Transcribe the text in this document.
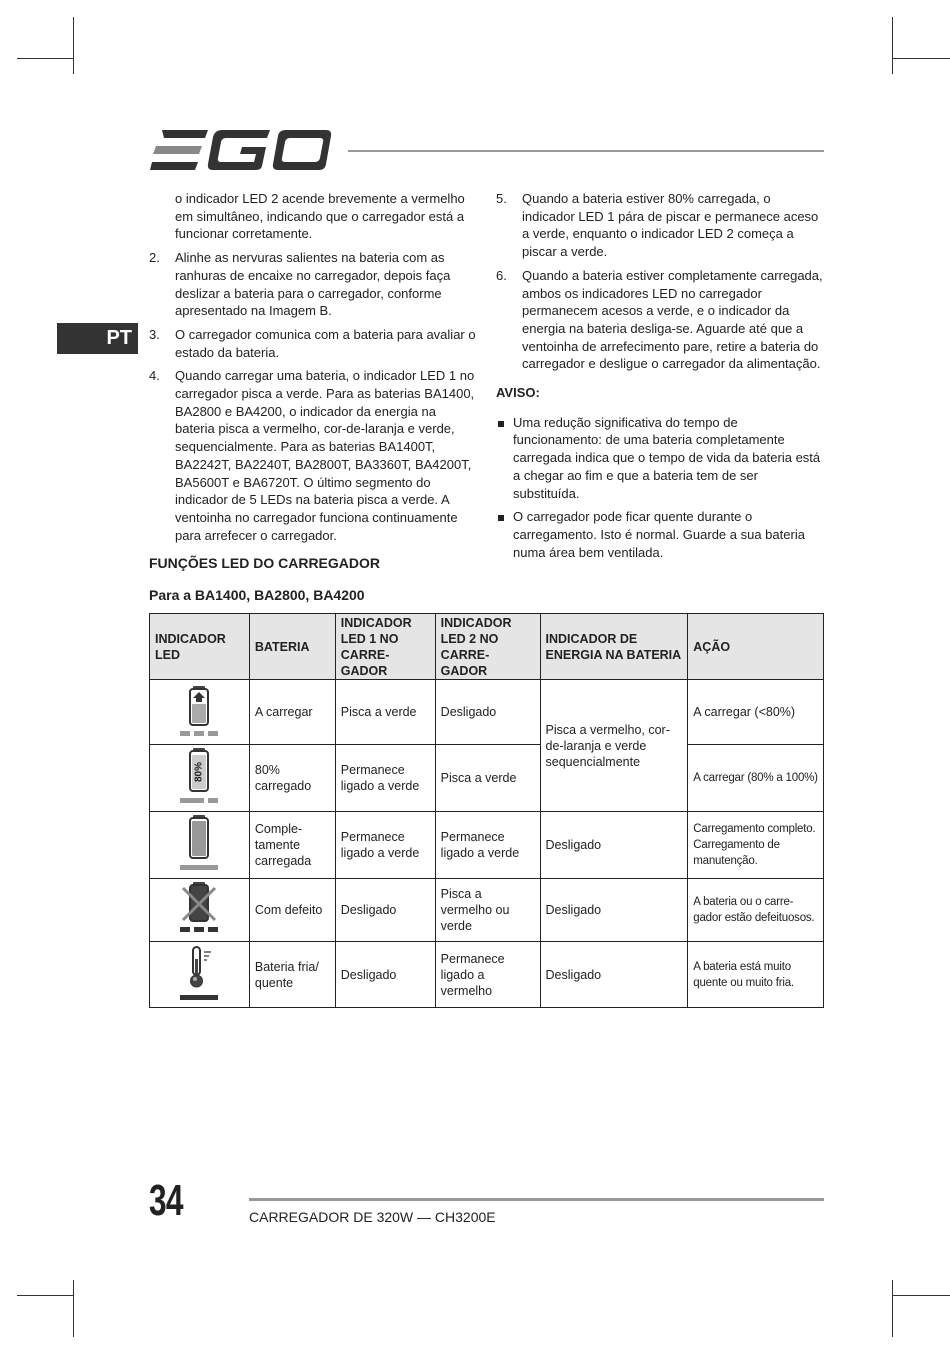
PT

o indicador LED 2 acende brevemente a vermelho em simultâneo, indicando que o carregador está a funcionar corretamente.

2. Alinhe as nervuras salientes na bateria com as ranhuras de encaixe no carregador, depois faça deslizar a bateria para o carregador, conforme apresentado na Imagem B.
3. O carregador comunica com a bateria para avaliar o estado da bateria.
4. Quando carregar uma bateria, o indicador LED 1 no carregador pisca a verde. Para as baterias BA1400, BA2800 e BA4200, o indicador da energia na bateria pisca a vermelho, cor-de-laranja e verde, sequencialmente. Para as baterias BA1400T, BA2242T, BA2240T, BA2800T, BA3360T, BA4200T, BA5600T e BA6720T. O último segmento do indicador de 5 LEDs na bateria pisca a verde. A ventoinha no carregador funciona continuamente para arrefecer o carregador.
5. Quando a bateria estiver 80% carregada, o indicador LED 1 pára de piscar e permanece aceso a verde, enquanto o indicador LED 2 começa a piscar a verde.
6. Quando a bateria estiver completamente carregada, ambos os indicadores LED no carregador permanecem acesos a verde, e o indicador da energia na bateria desliga-se. Aguarde até que a ventoinha de arrefecimento pare, retire a bateria do carregador e desligue o carregador da alimentação.

AVISO:

Uma redução significativa do tempo de funcionamento: de uma bateria completamente carregada indica que o tempo de vida da bateria está a chegar ao fim e que a bateria tem de ser substituída.
O carregador pode ficar quente durante o carregamento. Isto é normal. Guarde a sua bateria numa área bem ventilada.
FUNÇÕES LED DO CARREGADOR
Para a BA1400, BA2800, BA4200
INDICADOR LED	BATERIA	INDICADOR LED 1 NO CARRE-GADOR	INDICADOR LED 2 NO CARRE-GADOR	INDICADOR DE ENERGIA NA BATERIA	AÇÃO
	A carregar	Pisca a verde	Desligado	Pisca a vermelho, cor-de-laranja e verde sequencialmente	A carregar (<80%)

80%	80% carregado	Permanece ligado a verde	Pisca a verde		A carregar (80% a 100%)
	Comple-tamente carregada	Permanece ligado a verde	Permanece ligado a verde	Desligado	Carregamento completo. Carregamento de manutenção.
	Com defeito	Desligado	Pisca a vermelho ou verde	Desligado	A bateria ou o carre-gador estão defeituosos.
	Bateria fria/ quente	Desligado	Permanece ligado a vermelho	Desligado	A bateria está muito quente ou muito fria.
34	CARREGADOR DE 320W — CH3200E
